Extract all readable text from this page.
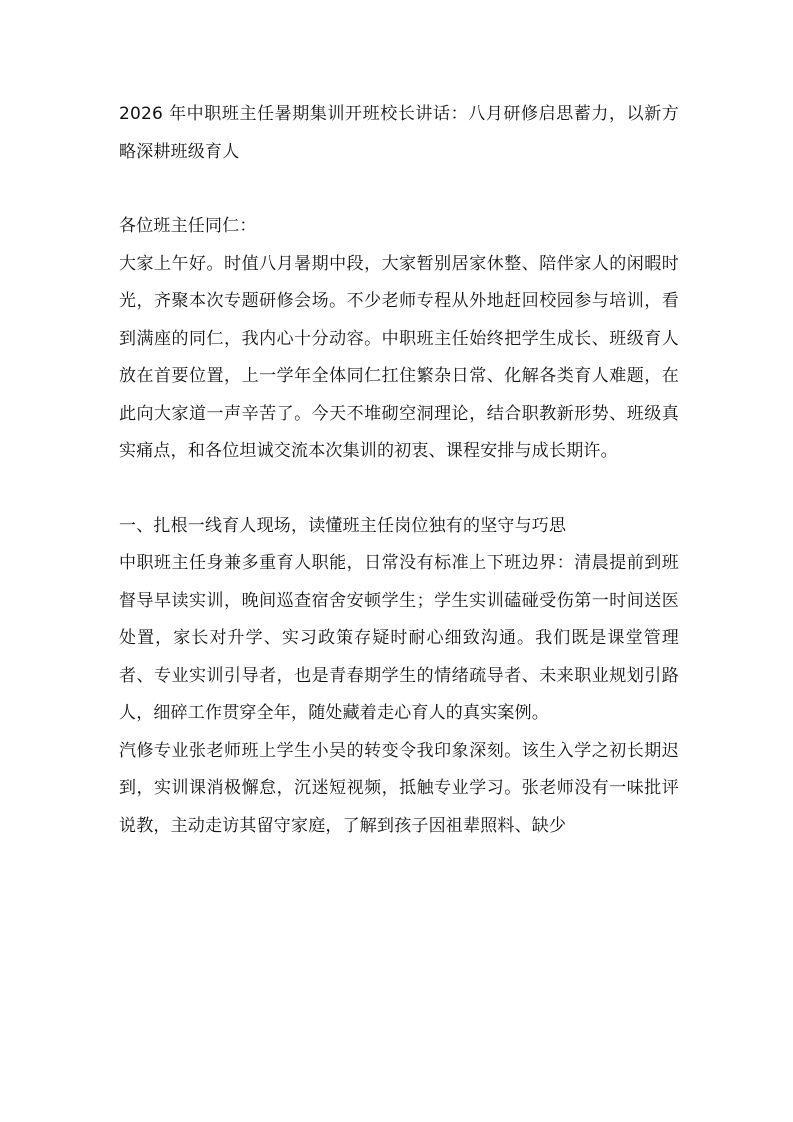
2026 年中职班主任暑期集训开班校长讲话：八月研修启思蓄力，以新方略深耕班级育人

各位班主任同仁：

大家上午好。时值八月暑期中段，大家暂别居家休整、陪伴家人的闲暇时光，齐聚本次专题研修会场。不少老师专程从外地赶回校园参与培训，看到满座的同仁，我内心十分动容。中职班主任始终把学生成长、班级育人放在首要位置，上一学年全体同仁扛住繁杂日常、化解各类育人难题，在此向大家道一声辛苦了。今天不堆砌空洞理论，结合职教新形势、班级真实痛点，和各位坦诚交流本次集训的初衷、课程安排与成长期许。

一、扎根一线育人现场，读懂班主任岗位独有的坚守与巧思

中职班主任身兼多重育人职能，日常没有标准上下班边界：清晨提前到班督导早读实训，晚间巡查宿舍安顿学生；学生实训磕碰受伤第一时间送医处置，家长对升学、实习政策存疑时耐心细致沟通。我们既是课堂管理者、专业实训引导者，也是青春期学生的情绪疏导者、未来职业规划引路人，细碎工作贯穿全年，随处藏着走心育人的真实案例。

汽修专业张老师班上学生小吴的转变令我印象深刻。该生入学之初长期迟到，实训课消极懈怠，沉迷短视频，抵触专业学习。张老师没有一味批评说教，主动走访其留守家庭，了解到孩子因祖辈照料、缺少
